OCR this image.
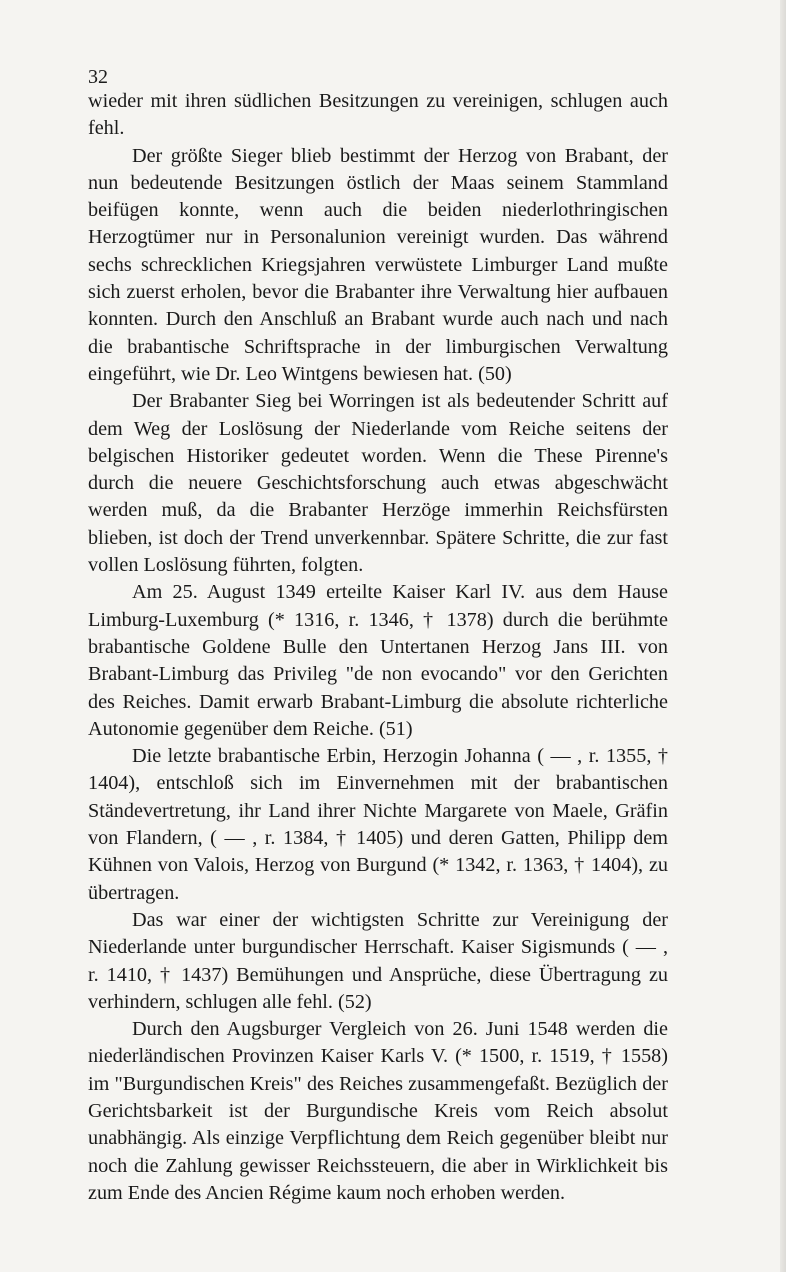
32

wieder mit ihren südlichen Besitzungen zu vereinigen, schlugen auch fehl.

Der größte Sieger blieb bestimmt der Herzog von Brabant, der nun bedeutende Besitzungen östlich der Maas seinem Stammland beifügen konnte, wenn auch die beiden niederlothringischen Herzogtümer nur in Personalunion vereinigt wurden. Das während sechs schrecklichen Kriegsjahren verwüstete Limburger Land mußte sich zuerst erholen, bevor die Brabanter ihre Verwaltung hier aufbauen konnten. Durch den Anschluß an Brabant wurde auch nach und nach die brabantische Schriftsprache in der limburgischen Verwaltung eingeführt, wie Dr. Leo Wintgens bewiesen hat. (50)

Der Brabanter Sieg bei Worringen ist als bedeutender Schritt auf dem Weg der Loslösung der Niederlande vom Reiche seitens der belgischen Historiker gedeutet worden. Wenn die These Pirenne's durch die neuere Geschichtsforschung auch etwas abgeschwächt werden muß, da die Brabanter Herzöge immerhin Reichsfürsten blieben, ist doch der Trend unverkennbar. Spätere Schritte, die zur fast vollen Loslösung führten, folgten.

Am 25. August 1349 erteilte Kaiser Karl IV. aus dem Hause Limburg-Luxemburg (* 1316, r. 1346, † 1378) durch die berühmte brabantische Goldene Bulle den Untertanen Herzog Jans III. von Brabant-Limburg das Privileg "de non evocando" vor den Gerichten des Reiches. Damit erwarb Brabant-Limburg die absolute richterliche Autonomie gegenüber dem Reiche. (51)

Die letzte brabantische Erbin, Herzogin Johanna ( — , r. 1355, † 1404), entschloß sich im Einvernehmen mit der brabantischen Ständevertretung, ihr Land ihrer Nichte Margarete von Maele, Gräfin von Flandern, ( — , r. 1384, † 1405) und deren Gatten, Philipp dem Kühnen von Valois, Herzog von Burgund (* 1342, r. 1363, † 1404), zu übertragen.

Das war einer der wichtigsten Schritte zur Vereinigung der Niederlande unter burgundischer Herrschaft. Kaiser Sigismunds ( — , r. 1410, † 1437) Bemühungen und Ansprüche, diese Übertragung zu verhindern, schlugen alle fehl. (52)

Durch den Augsburger Vergleich von 26. Juni 1548 werden die niederländischen Provinzen Kaiser Karls V. (* 1500, r. 1519, † 1558) im "Burgundischen Kreis" des Reiches zusammengefaßt. Bezüglich der Gerichtsbarkeit ist der Burgundische Kreis vom Reich absolut unabhängig. Als einzige Verpflichtung dem Reich gegenüber bleibt nur noch die Zahlung gewisser Reichssteuern, die aber in Wirklichkeit bis zum Ende des Ancien Régime kaum noch erhoben werden.
